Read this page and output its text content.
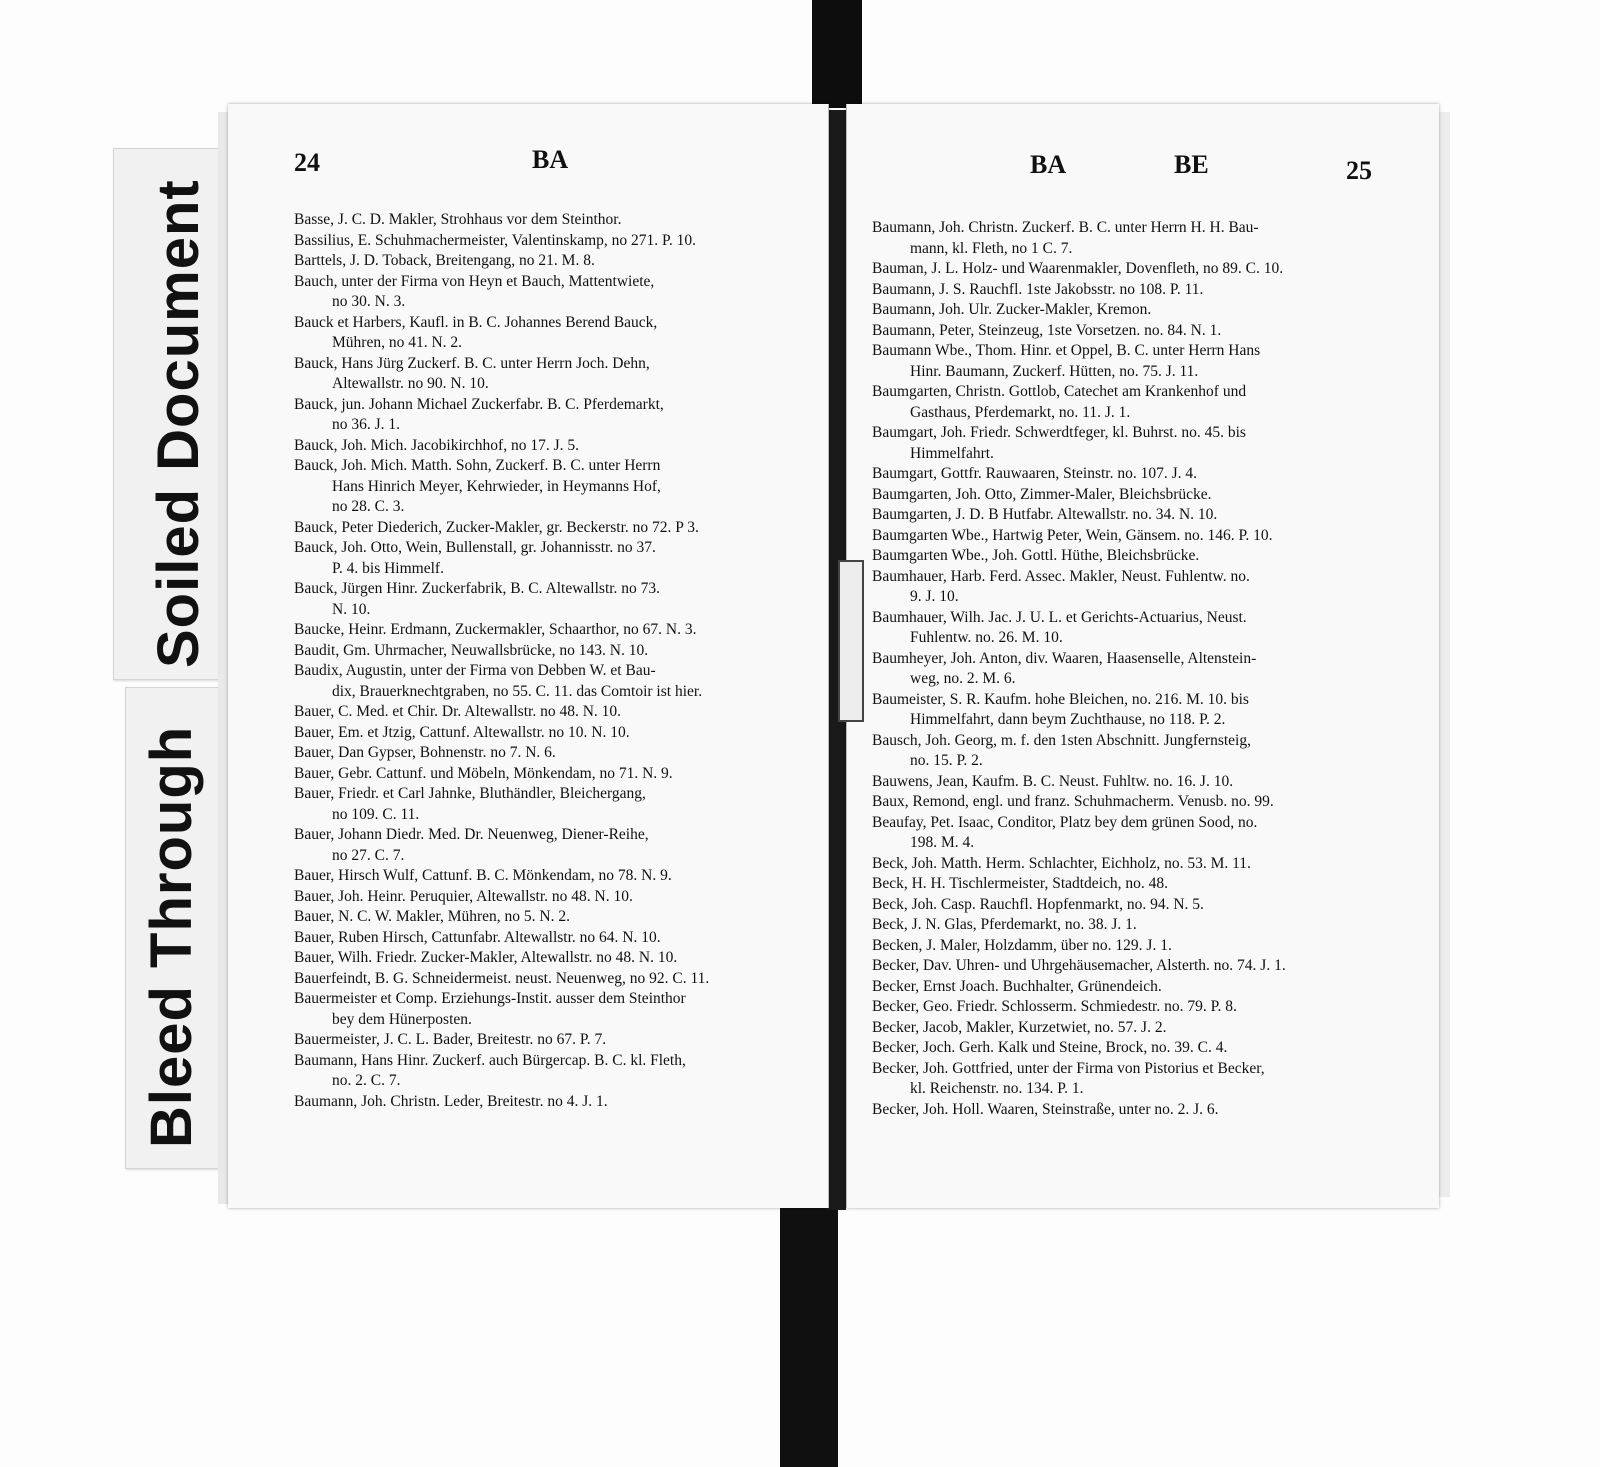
Soiled Document
Bleed Through
24	BA	BA	BE	25
Basse, J. C. D. Makler, Strohhaus vor dem Steinthor.
Bassilius, E. Schuhmachermeister, Valentinskamp, no 271. P. 10.
Barttels, J. D. Toback, Breitengang, no 21. M. 8.
Bauch, unter der Firma von Heyn et Bauch, Mattentwiete,
no 30. N. 3.
Bauck et Harbers, Kaufl. in B. C. Johannes Berend Bauck,
Mühren, no 41. N. 2.
Bauck, Hans Jürg Zuckerf. B. C. unter Herrn Joch. Dehn,
Altewallstr. no 90. N. 10.
Bauck, jun. Johann Michael Zuckerfabr. B. C. Pferdemarkt,
no 36. J. 1.
Bauck, Joh. Mich. Jacobikirchhof, no 17. J. 5.
Bauck, Joh. Mich. Matth. Sohn, Zuckerf. B. C. unter Herrn
Hans Hinrich Meyer, Kehrwieder, in Heymanns Hof,
no 28. C. 3.
Bauck, Peter Diederich, Zucker-Makler, gr. Beckerstr. no 72. P 3.
Bauck, Joh. Otto, Wein, Bullenstall, gr. Johannisstr. no 37.
P. 4. bis Himmelf.
Bauck, Jürgen Hinr. Zuckerfabrik, B. C. Altewallstr. no 73.
N. 10.
Baucke, Heinr. Erdmann, Zuckermakler, Schaarthor, no 67. N. 3.
Baudit, Gm. Uhrmacher, Neuwallsbrücke, no 143. N. 10.
Baudix, Augustin, unter der Firma von Debben W. et Bau-
dix, Brauerknechtgraben, no 55. C. 11. das Comtoir ist hier.
Bauer, C. Med. et Chir. Dr. Altewallstr. no 48. N. 10.
Bauer, Em. et Jtzig, Cattunf. Altewallstr. no 10. N. 10.
Bauer, Dan Gypser, Bohnenstr. no 7. N. 6.
Bauer, Gebr. Cattunf. und Möbeln, Mönkendam, no 71. N. 9.
Bauer, Friedr. et Carl Jahnke, Bluthändler, Bleichergang,
no 109. C. 11.
Bauer, Johann Diedr. Med. Dr. Neuenweg, Diener-Reihe,
no 27. C. 7.
Bauer, Hirsch Wulf, Cattunf. B. C. Mönkendam, no 78. N. 9.
Bauer, Joh. Heinr. Peruquier, Altewallstr. no 48. N. 10.
Bauer, N. C. W. Makler, Mühren, no 5. N. 2.
Bauer, Ruben Hirsch, Cattunfabr. Altewallstr. no 64. N. 10.
Bauer, Wilh. Friedr. Zucker-Makler, Altewallstr. no 48. N. 10.
Bauerfeindt, B. G. Schneidermeist. neust. Neuenweg, no 92. C. 11.
Bauermeister et Comp. Erziehungs-Instit. ausser dem Steinthor
bey dem Hünerposten.
Bauermeister, J. C. L. Bader, Breitestr. no 67. P. 7.
Baumann, Hans Hinr. Zuckerf. auch Bürgercap. B. C. kl. Fleth,
no. 2. C. 7.
Baumann, Joh. Christn. Leder, Breitestr. no 4. J. 1.
Baumann, Joh. Christn. Zuckerf. B. C. unter Herrn H. H. Bau-
mann, kl. Fleth, no 1 C. 7.
Bauman, J. L. Holz- und Waarenmakler, Dovenfleth, no 89. C. 10.
Baumann, J. S. Rauchfl. 1ste Jakobsstr. no 108. P. 11.
Baumann, Joh. Ulr. Zucker-Makler, Kremon.
Baumann, Peter, Steinzeug, 1ste Vorsetzen. no. 84. N. 1.
Baumann Wbe., Thom. Hinr. et Oppel, B. C. unter Herrn Hans
Hinr. Baumann, Zuckerf. Hütten, no. 75. J. 11.
Baumgarten, Christn. Gottlob, Catechet am Krankenhof und
Gasthaus, Pferdemarkt, no. 11. J. 1.
Baumgart, Joh. Friedr. Schwerdtfeger, kl. Buhrst. no. 45. bis
Himmelfahrt.
Baumgart, Gottfr. Rauwaaren, Steinstr. no. 107. J. 4.
Baumgarten, Joh. Otto, Zimmer-Maler, Bleichsbrücke.
Baumgarten, J. D. B Hutfabr. Altewallstr. no. 34. N. 10.
Baumgarten Wbe., Hartwig Peter, Wein, Gänsem. no. 146. P. 10.
Baumgarten Wbe., Joh. Gottl. Hüthe, Bleichsbrücke.
Baumhauer, Harb. Ferd. Assec. Makler, Neust. Fuhlentw. no.
9. J. 10.
Baumhauer, Wilh. Jac. J. U. L. et Gerichts-Actuarius, Neust.
Fuhlentw. no. 26. M. 10.
Baumheyer, Joh. Anton, div. Waaren, Haasenselle, Altenstein-
weg, no. 2. M. 6.
Baumeister, S. R. Kaufm. hohe Bleichen, no. 216. M. 10. bis
Himmelfahrt, dann beym Zuchthause, no 118. P. 2.
Bausch, Joh. Georg, m. f. den 1sten Abschnitt. Jungfernsteig,
no. 15. P. 2.
Bauwens, Jean, Kaufm. B. C. Neust. Fuhltw. no. 16. J. 10.
Baux, Remond, engl. und franz. Schuhmacherm. Venusb. no. 99.
Beaufay, Pet. Isaac, Conditor, Platz bey dem grünen Sood, no.
198. M. 4.
Beck, Joh. Matth. Herm. Schlachter, Eichholz, no. 53. M. 11.
Beck, H. H. Tischlermeister, Stadtdeich, no. 48.
Beck, Joh. Casp. Rauchfl. Hopfenmarkt, no. 94. N. 5.
Beck, J. N. Glas, Pferdemarkt, no. 38. J. 1.
Becken, J. Maler, Holzdamm, über no. 129. J. 1.
Becker, Dav. Uhren- und Uhrgehäusemacher, Alsterth. no. 74. J. 1.
Becker, Ernst Joach. Buchhalter, Grünendeich.
Becker, Geo. Friedr. Schlosserm. Schmiedestr. no. 79. P. 8.
Becker, Jacob, Makler, Kurzetwiet, no. 57. J. 2.
Becker, Joch. Gerh. Kalk und Steine, Brock, no. 39. C. 4.
Becker, Joh. Gottfried, unter der Firma von Pistorius et Becker,
kl. Reichenstr. no. 134. P. 1.
Becker, Joh. Holl. Waaren, Steinstraße, unter no. 2. J. 6.
